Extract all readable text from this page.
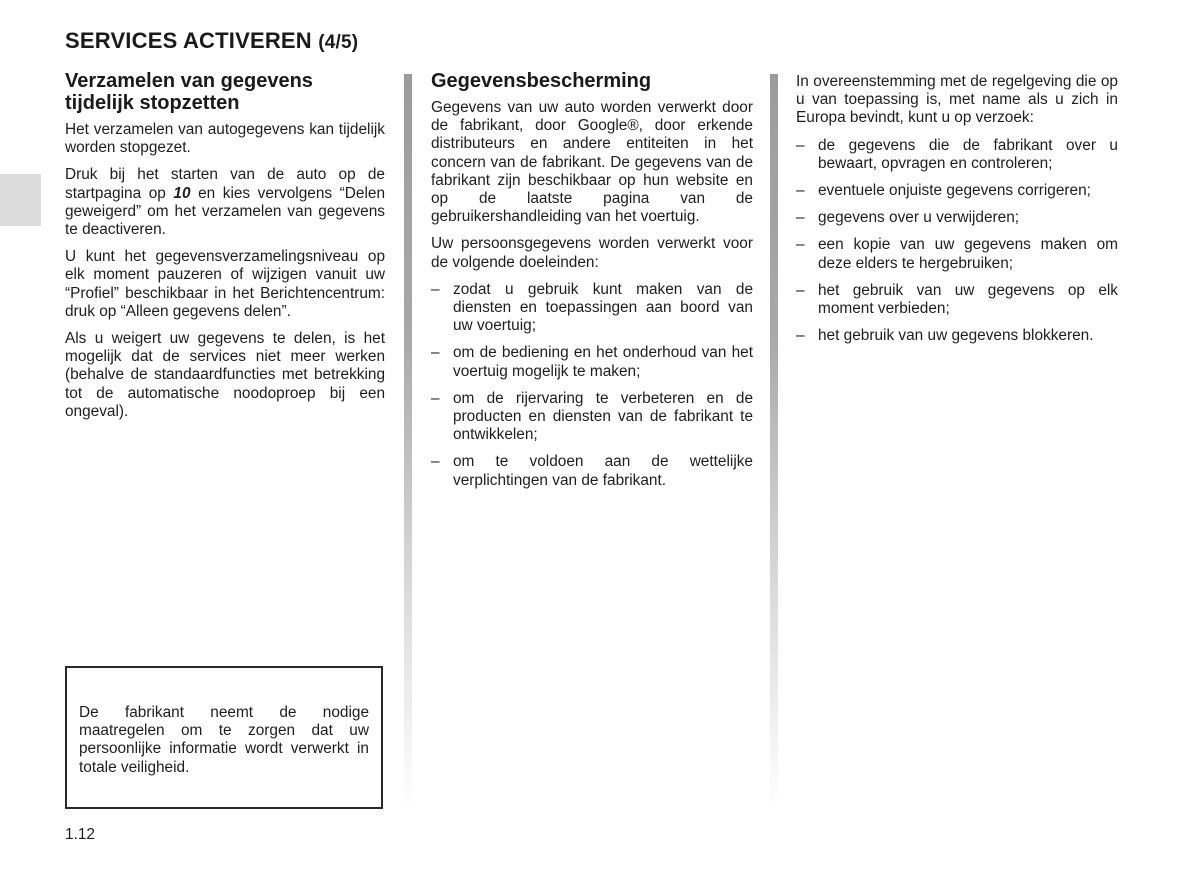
SERVICES ACTIVEREN (4/5)
Verzamelen van gegevens tijdelijk stopzetten

Het verzamelen van autogegevens kan tijdelijk worden stopgezet.

Druk bij het starten van de auto op de startpagina op 10 en kies vervolgens “Delen geweigerd” om het verzamelen van gegevens te deactiveren.

U kunt het gegevensverzamelingsniveau op elk moment pauzeren of wijzigen vanuit uw “Profiel” beschikbaar in het Berichtencentrum: druk op “Alleen gegevens delen”.

Als u weigert uw gegevens te delen, is het mogelijk dat de services niet meer werken (behalve de standaardfuncties met betrekking tot de automatische noodoproep bij een ongeval).

De fabrikant neemt de nodige maatregelen om te zorgen dat uw persoonlijke informatie wordt verwerkt in totale veiligheid.
Gegevensbescherming

Gegevens van uw auto worden verwerkt door de fabrikant, door Google®, door erkende distributeurs en andere entiteiten in het concern van de fabrikant. De gegevens van de fabrikant zijn beschikbaar op hun website en op de laatste pagina van de gebruikershandleiding van het voertuig.

Uw persoonsgegevens worden verwerkt voor de volgende doeleinden:

– zodat u gebruik kunt maken van de diensten en toepassingen aan boord van uw voertuig;
– om de bediening en het onderhoud van het voertuig mogelijk te maken;
– om de rijervaring te verbeteren en de producten en diensten van de fabrikant te ontwikkelen;
– om te voldoen aan de wettelijke verplichtingen van de fabrikant.

In overeenstemming met de regelgeving die op u van toepassing is, met name als u zich in Europa bevindt, kunt u op verzoek:

– de gegevens die de fabrikant over u bewaart, opvragen en controleren;
– eventuele onjuiste gegevens corrigeren;
– gegevens over u verwijderen;
– een kopie van uw gegevens maken om deze elders te hergebruiken;
– het gebruik van uw gegevens op elk moment verbieden;
– het gebruik van uw gegevens blokkeren.
1.12
